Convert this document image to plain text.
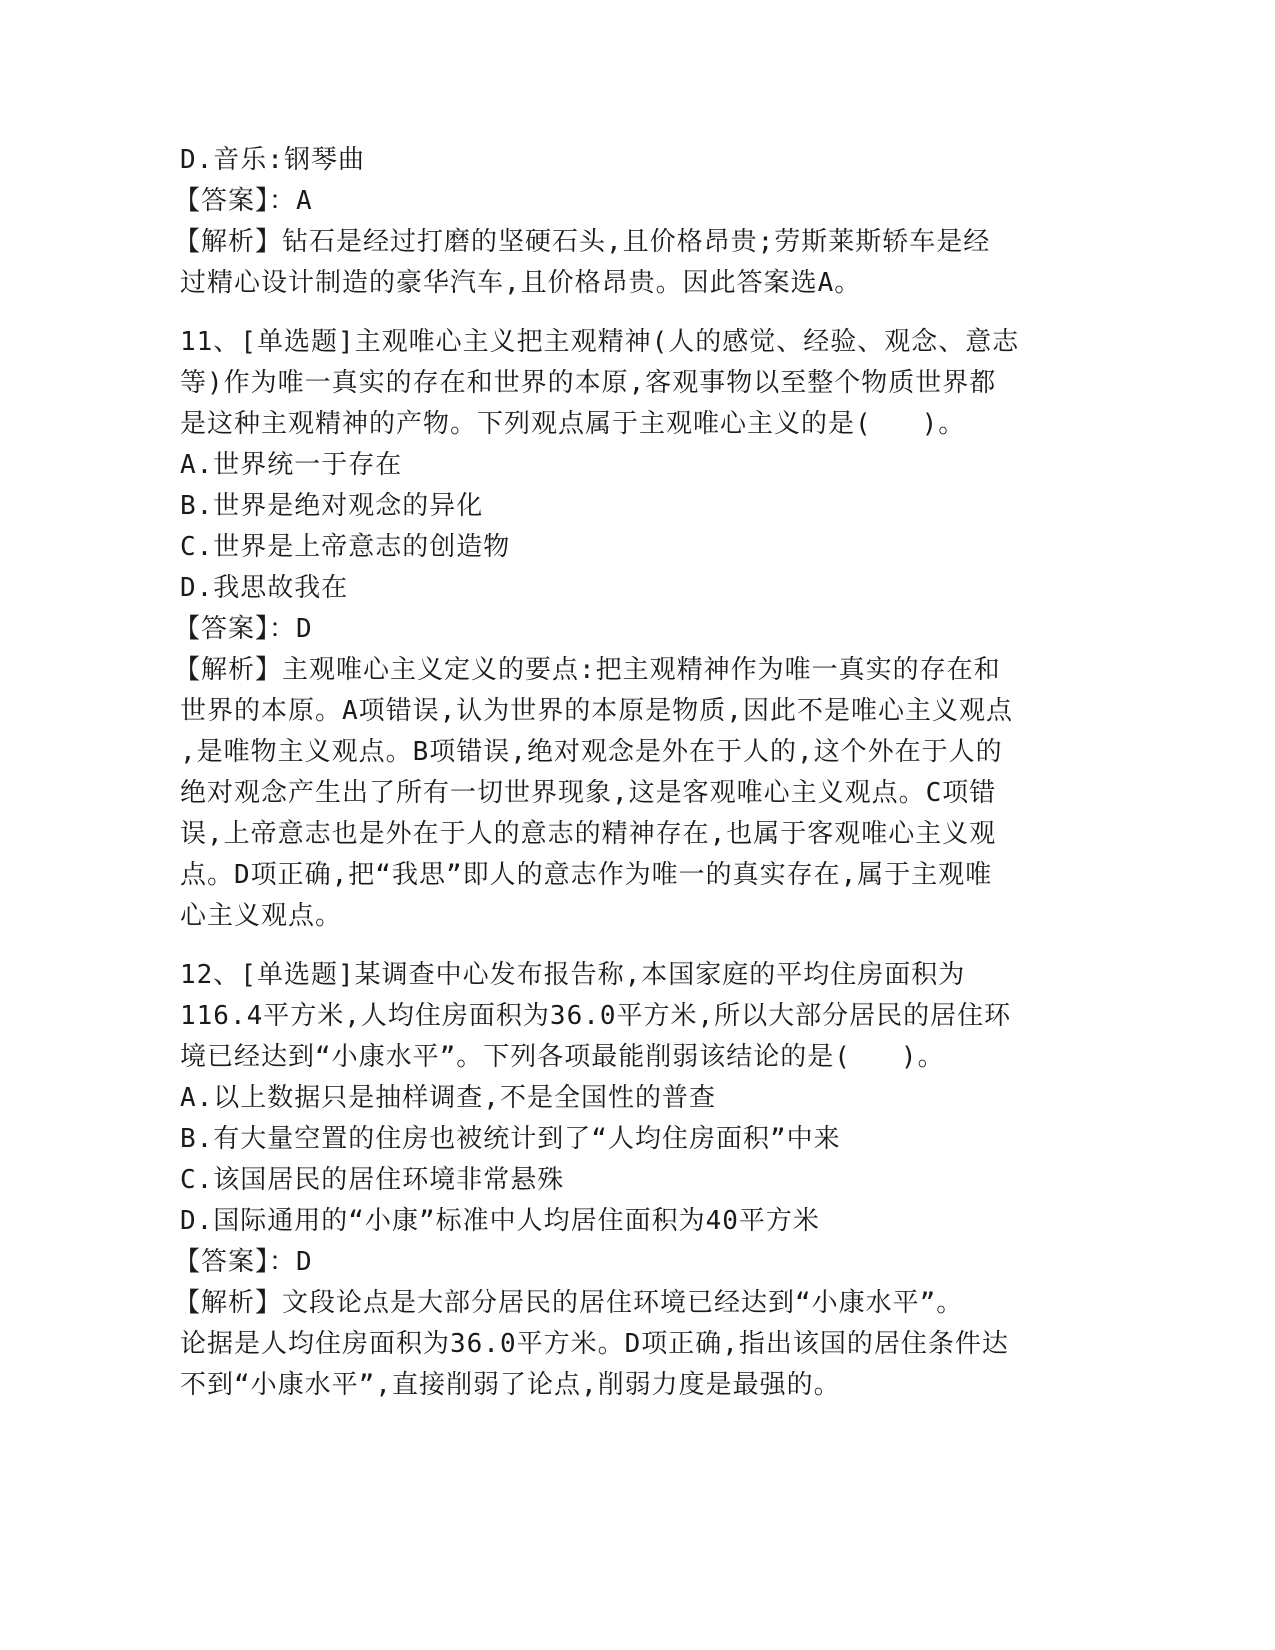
D.音乐:钢琴曲

【答案】：A

【解析】钻石是经过打磨的坚硬石头,且价格昂贵;劳斯莱斯轿车是经

过精心设计制造的豪华汽车,且价格昂贵。因此答案选A。

11、[单选题]主观唯心主义把主观精神(人的感觉、经验、观念、意志

等)作为唯一真实的存在和世界的本原,客观事物以至整个物质世界都

是这种主观精神的产物。下列观点属于主观唯心主义的是(   )。

A.世界统一于存在

B.世界是绝对观念的异化

C.世界是上帝意志的创造物

D.我思故我在

【答案】：D

【解析】主观唯心主义定义的要点:把主观精神作为唯一真实的存在和

世界的本原。A项错误,认为世界的本原是物质,因此不是唯心主义观点

,是唯物主义观点。B项错误,绝对观念是外在于人的,这个外在于人的

绝对观念产生出了所有一切世界现象,这是客观唯心主义观点。C项错

误,上帝意志也是外在于人的意志的精神存在,也属于客观唯心主义观

点。D项正确,把“我思”即人的意志作为唯一的真实存在,属于主观唯

心主义观点。

12、[单选题]某调查中心发布报告称,本国家庭的平均住房面积为

116.4平方米,人均住房面积为36.0平方米,所以大部分居民的居住环

境已经达到“小康水平”。下列各项最能削弱该结论的是(   )。

A.以上数据只是抽样调查,不是全国性的普查

B.有大量空置的住房也被统计到了“人均住房面积”中来

C.该国居民的居住环境非常悬殊

D.国际通用的“小康”标准中人均居住面积为40平方米

【答案】：D

【解析】文段论点是大部分居民的居住环境已经达到“小康水平”。

论据是人均住房面积为36.0平方米。D项正确,指出该国的居住条件达

不到“小康水平”,直接削弱了论点,削弱力度是最强的。
